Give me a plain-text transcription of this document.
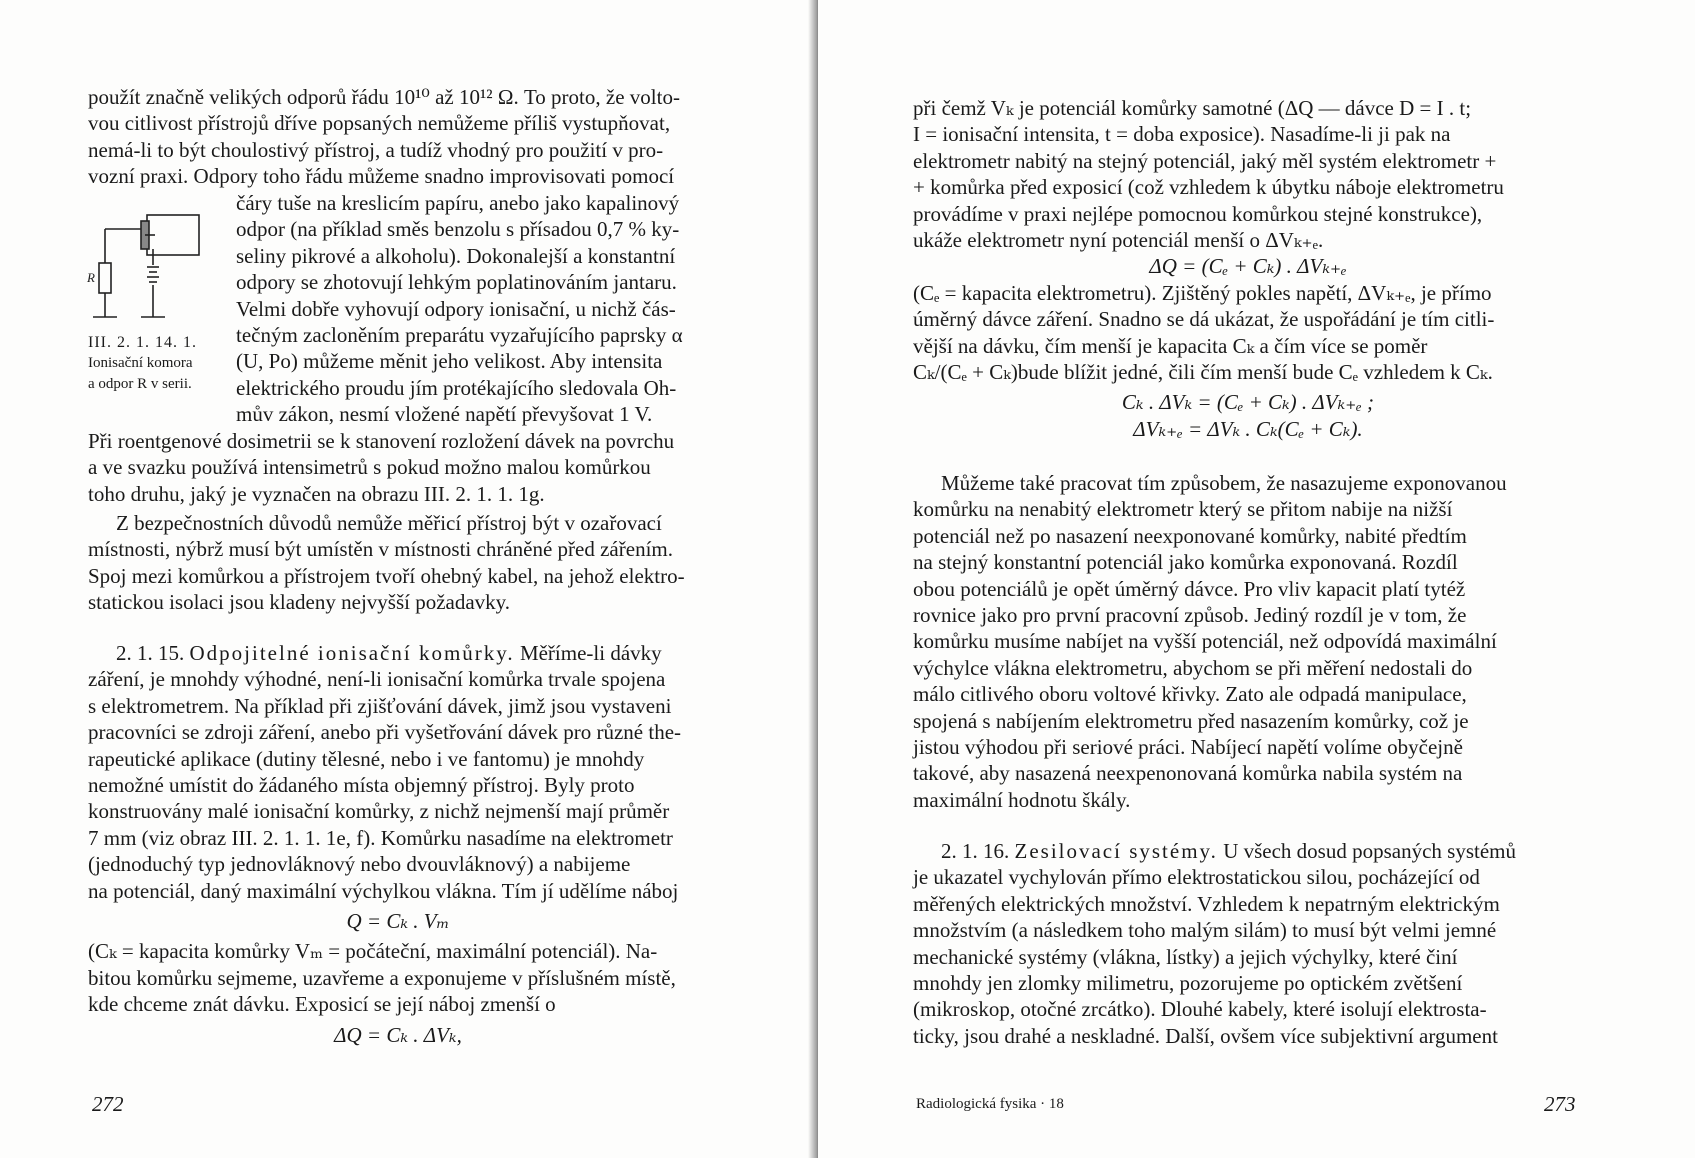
použít značně velikých odporů řádu 10¹⁰ až 10¹² Ω. To proto, že volto-

vou citlivost přístrojů dříve popsaných nemůžeme příliš vystupňovat,

nemá-li to být choulostivý přístroj, a tudíž vhodný pro použití v pro-

vozní praxi. Odpory toho řádu můžeme snadno improvisovati pomocí

R
III. 2. 1. 14. 1.
Ionisační komora
a odpor R v serii.

čáry tuše na kreslicím papíru, anebo jako kapalinový

odpor (na příklad směs benzolu s přísadou 0,7 % ky-

seliny pikrové a alkoholu). Dokonalejší a konstantní

odpory se zhotovují lehkým poplatinováním jantaru.

Velmi dobře vyhovují odpory ionisační, u nichž čás-

tečným zacloněním preparátu vyzařujícího paprsky α

(U, Po) můžeme měnit jeho velikost. Aby intensita

elektrického proudu jím protékajícího sledovala Oh-

mův zákon, nesmí vložené napětí převyšovat 1 V.

Při roentgenové dosimetrii se k stanovení rozložení dávek na povrchu

a ve svazku používá intensimetrů s pokud možno malou komůrkou

toho druhu, jaký je vyznačen na obrazu III. 2. 1. 1. 1g.

Z bezpečnostních důvodů nemůže měřicí přístroj být v ozařovací

místnosti, nýbrž musí být umístěn v místnosti chráněné před zářením.

Spoj mezi komůrkou a přístrojem tvoří ohebný kabel, na jehož elektro-

statickou isolaci jsou kladeny nejvyšší požadavky.

2. 1. 15. Odpojitelné ionisační komůrky. Měříme-li dávky

záření, je mnohdy výhodné, není-li ionisační komůrka trvale spojena

s elektrometrem. Na příklad při zjišťování dávek, jimž jsou vystaveni

pracovníci se zdroji záření, anebo při vyšetřování dávek pro různé the-

rapeutické aplikace (dutiny tělesné, nebo i ve fantomu) je mnohdy

nemožné umístit do žádaného místa objemný přístroj. Byly proto

konstruovány malé ionisační komůrky, z nichž nejmenší mají průměr

7 mm (viz obraz III. 2. 1. 1. 1e, f). Komůrku nasadíme na elektrometr

(jednoduchý typ jednovláknový nebo dvouvláknový) a nabijeme

na potenciál, daný maximální výchylkou vlákna. Tím jí udělíme náboj

Q = Cₖ . Vₘ

(Cₖ = kapacita komůrky Vₘ = počáteční, maximální potenciál). Na-

bitou komůrku sejmeme, uzavřeme a exponujeme v příslušném místě,

kde chceme znát dávku. Exposicí se její náboj zmenší o

ΔQ = Cₖ . ΔVₖ,

272

při čemž Vₖ je potenciál komůrky samotné (ΔQ — dávce D = I . t;

I = ionisační intensita, t = doba exposice). Nasadíme-li ji pak na

elektrometr nabitý na stejný potenciál, jaký měl systém elektrometr +

+ komůrka před exposicí (což vzhledem k úbytku náboje elektrometru

provádíme v praxi nejlépe pomocnou komůrkou stejné konstrukce),

ukáže elektrometr nyní potenciál menší o ΔVₖ₊ₑ.

ΔQ = (Cₑ + Cₖ) . ΔVₖ₊ₑ

(Cₑ = kapacita elektrometru). Zjištěný pokles napětí, ΔVₖ₊ₑ, je přímo

úměrný dávce záření. Snadno se dá ukázat, že uspořádání je tím citli-

vější na dávku, čím menší je kapacita Cₖ a čím více se poměr

Cₖ/(Cₑ + Cₖ)bude blížit jedné, čili čím menší bude Cₑ vzhledem k Cₖ.

Cₖ . ΔVₖ = (Cₑ + Cₖ) . ΔVₖ₊ₑ ;

ΔVₖ₊ₑ = ΔVₖ . Cₖ(Cₑ + Cₖ).

Můžeme také pracovat tím způsobem, že nasazujeme exponovanou

komůrku na nenabitý elektrometr který se přitom nabije na nižší

potenciál než po nasazení neexponované komůrky, nabité předtím

na stejný konstantní potenciál jako komůrka exponovaná. Rozdíl

obou potenciálů je opět úměrný dávce. Pro vliv kapacit platí tytéž

rovnice jako pro první pracovní způsob. Jediný rozdíl je v tom, že

komůrku musíme nabíjet na vyšší potenciál, než odpovídá maximální

výchylce vlákna elektrometru, abychom se při měření nedostali do

málo citlivého oboru voltové křivky. Zato ale odpadá manipulace,

spojená s nabíjením elektrometru před nasazením komůrky, což je

jistou výhodou při seriové práci. Nabíjecí napětí volíme obyčejně

takové, aby nasazená neexpenonovaná komůrka nabila systém na

maximální hodnotu škály.

2. 1. 16. Zesilovací systémy. U všech dosud popsaných systémů

je ukazatel vychylován přímo elektrostatickou silou, pocházející od

měřených elektrických množství. Vzhledem k nepatrným elektrickým

množstvím (a následkem toho malým silám) to musí být velmi jemné

mechanické systémy (vlákna, lístky) a jejich výchylky, které činí

mnohdy jen zlomky milimetru, pozorujeme po optickém zvětšení

(mikroskop, otočné zrcátko). Dlouhé kabely, které isolují elektrosta-

ticky, jsou drahé a neskladné. Další, ovšem více subjektivní argument

Radiologická fysika · 18	273
